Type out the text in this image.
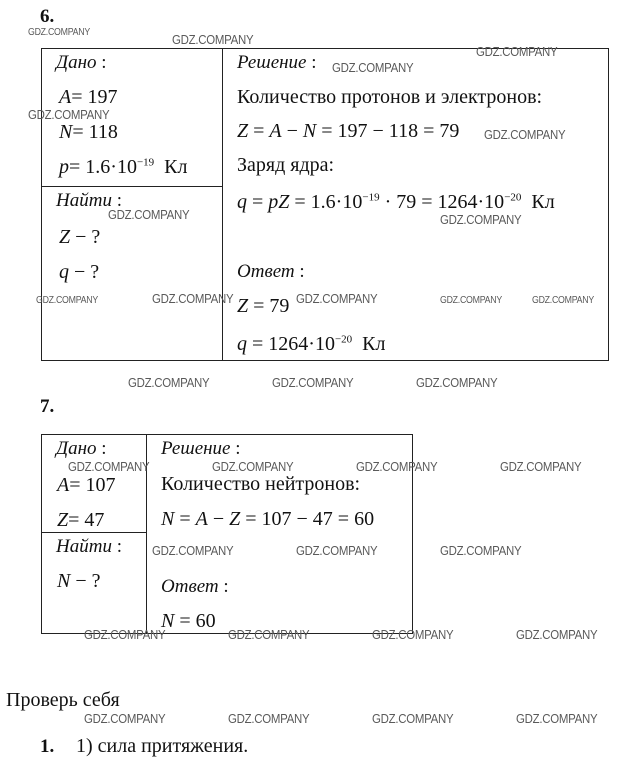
6.
Дано :
A= 197
N= 118
$p= 1.6\cdot 10^{-19}$ Кл
Найти :
Z − ?
q − ?
Решение :
Количество протонов и электронов:
Z = A − N = 197 − 118 = 79
Заряд ядра:
q = pZ = $1.6\cdot 10^{-19} \cdot 79 = 1264\cdot 10^{-20}$ Кл
Ответ :
Z = 79
$q = 1264\cdot 10^{-20}$ Кл
7.
Дано :
A= 107
Z= 47
Найти :
N − ?
Решение :
Количество нейтронов:
N = A − Z = 107 − 47 = 60
Ответ :
N = 60
Проверь себя
1. 1) сила притяжения.
GDZ.COMPANY	GDZ.COMPANY
GDZ.COMPANY
GDZ.COMPANY
GDZ.COMPANY
GDZ.COMPANY
GDZ.COMPANY	GDZ.COMPANY
GDZ.COMPANY	GDZ.COMPANY	GDZ.COMPANY	GDZ.COMPANY	GDZ.COMPANY
GDZ.COMPANY	GDZ.COMPANY	GDZ.COMPANY
GDZ.COMPANY	GDZ.COMPANY	GDZ.COMPANY	GDZ.COMPANY
GDZ.COMPANY	GDZ.COMPANY	GDZ.COMPANY
GDZ.COMPANY	GDZ.COMPANY	GDZ.COMPANY	GDZ.COMPANY
GDZ.COMPANY	GDZ.COMPANY	GDZ.COMPANY	GDZ.COMPANY
